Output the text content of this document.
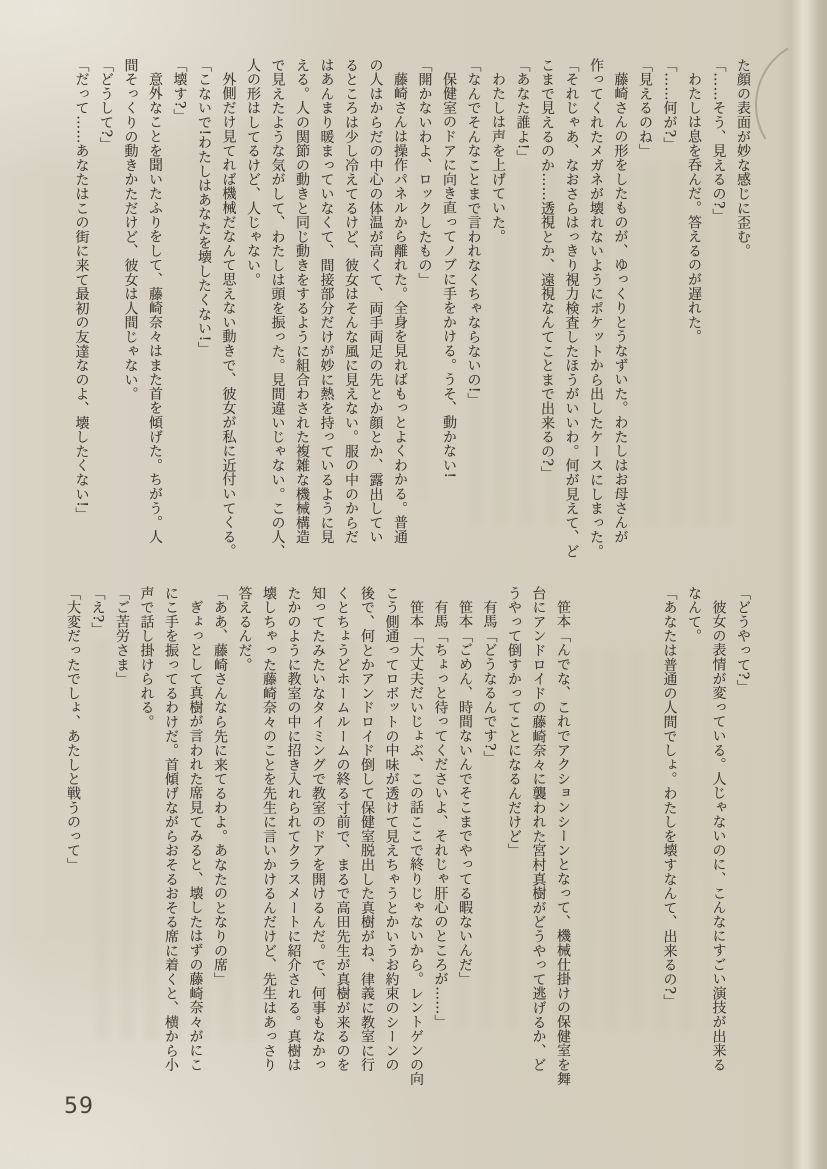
た顔の表面が妙な感じに歪む。
「……そう、見えるの?」
わたしは息を呑んだ。答えるのが遅れた。
「……何が?」
「見えるのね」
藤崎さんの形をしたものが、ゆっくりとうなずいた。わたしはお母さんが
作ってくれたメガネが壊れないようにポケットから出したケースにしまった。
「それじゃあ、なおさらはっきり視力検査したほうがいいわ。何が見えて、ど
こまで見えるのか……透視とか、遠視なんてことまで出来るの?」
「あなた誰よ!」
わたしは声を上げていた。
「なんでそんなことまで言われなくちゃならないの!」
保健室のドアに向き直ってノブに手をかける。うそ、動かない!
「開かないわよ、ロックしたもの」
藤崎さんは操作パネルから離れた。全身を見ればもっとよくわかる。普通
の人はからだの中心の体温が高くて、両手両足の先とか顔とか、露出してい
るところは少し冷えてるけど、彼女はそんな風に見えない。服の中のからだ
はあんまり暖まっていなくて、間接部分だけが妙に熱を持っているように見
える。人の関節の動きと同じ動きをするように組合わされた複雑な機械構造
で見えたような気がして、わたしは頭を振った。見間違いじゃない。この人、
人の形はしてるけど、人じゃない。
外側だけ見てれば機械だなんて思えない動きで、彼女が私に近付いてくる。
「こないで!わたしはあなたを壊したくない!」
「壊す?」
意外なことを聞いたふりをして、藤崎奈々はまた首を傾げた。ちがう。人
間そっくりの動きかただけど、彼女は人間じゃない。
「どうして?」
「だって……あなたはこの街に来て最初の友達なのよ、壊したくない!」
「どうやって?」
彼女の表情が変っている。人じゃないのに、こんなにすごい演技が出来る
なんて。
「あなたは普通の人間でしょ。わたしを壊すなんて、出来るの?」
笹本「んでな、これでアクションシーンとなって、機械仕掛けの保健室を舞
台にアンドロイドの藤崎奈々に襲われた宮村真樹がどうやって逃げるか、ど
うやって倒すかってことになるんだけど」
有馬「どうなるんです?」
笹本「ごめん、時間ないんでそこまでやってる暇ないんだ」
有馬「ちょっと待ってくださいよ、それじゃ肝心のところが……」
笹本「大丈夫だいじょぶ、この話ここで終りじゃないから。レントゲンの向
こう側通ってロボットの中味が透けて見えちゃうとかいうお約束のシーンの
後で、何とかアンドロイド倒して保健室脱出した真樹がね、律義に教室に行
くとちょうどホームルームの終る寸前で、まるで高田先生が真樹が来るのを
知ってたみたいなタイミングで教室のドアを開けるんだ。で、何事もなかっ
たかのように教室の中に招き入れられてクラスメートに紹介される。真樹は
壊しちゃった藤崎奈々のことを先生に言いかけるんだけど、先生はあっさり
答えるんだ。
「ああ、藤崎さんなら先に来てるわよ。あなたのとなりの席」
ぎょっとして真樹が言われた席見てみると、壊したはずの藤崎奈々がにこ
にこ手を振ってるわけだ。首傾げながらおそるおそる席に着くと、横から小
声で話し掛けられる。
「ご苦労さま」
「え?」
「大変だったでしょ、あたしと戦うのって」
59
